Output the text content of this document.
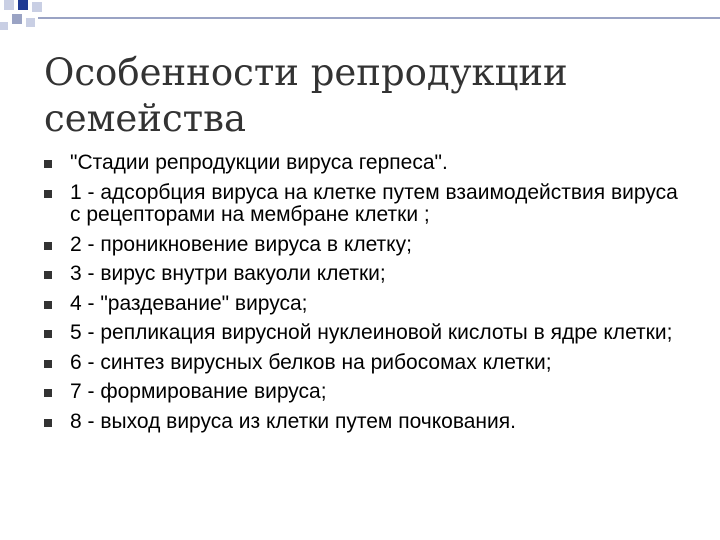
Особенности репродукции
семейства
"Стадии репродукции вируса герпеса".
1 - адсорбция вируса на клетке путем взаимодействия вируса с рецепторами на мембране клетки ;
2 - проникновение вируса в клетку;
3 - вирус внутри вакуоли клетки;
4 - "раздевание" вируса;
5 - репликация вирусной нуклеиновой кислоты в ядре клетки;
6 - синтез вирусных белков на рибосомах клетки;
7 - формирование вируса;
8 - выход вируса из клетки путем почкования.
